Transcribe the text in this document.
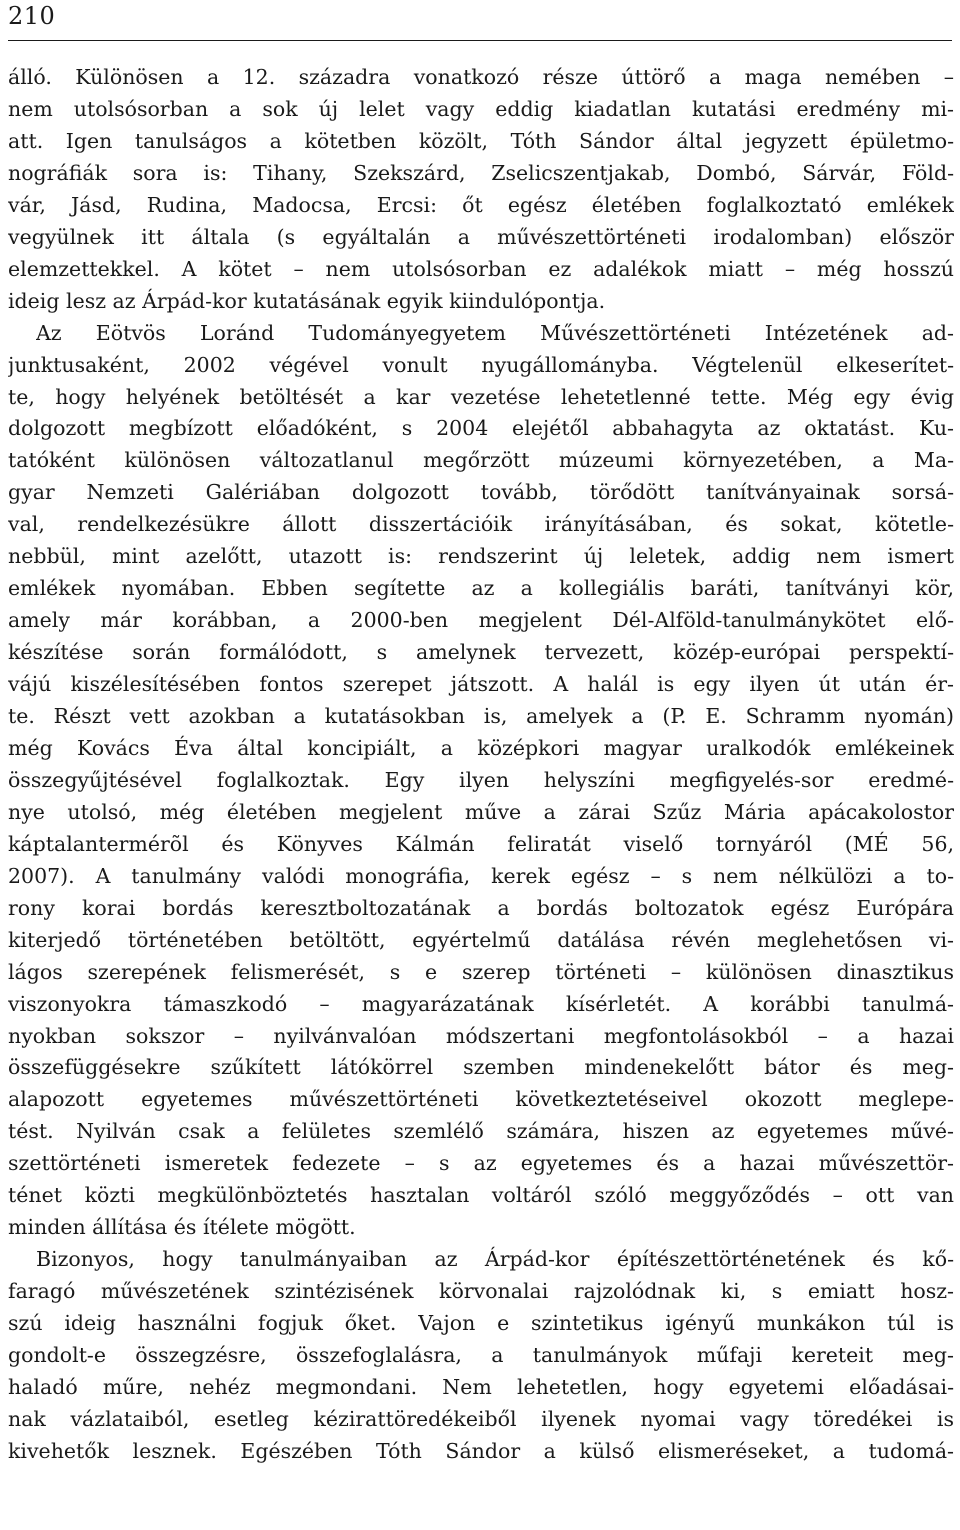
210
álló. Különösen a 12. századra vonatkozó része úttörő a maga nemében –
nem utolsósorban a sok új lelet vagy eddig kiadatlan kutatási eredmény mi-
att. Igen tanulságos a kötetben közölt, Tóth Sándor által jegyzett épületmo-
nográfiák sora is: Tihany, Szekszárd, Zselicszentjakab, Dombó, Sárvár, Föld-
vár, Jásd, Rudina, Madocsa, Ercsi: őt egész életében foglalkoztató emlékek
vegyülnek itt általa (s egyáltalán a művészettörténeti irodalomban) először
elemzettekkel. A kötet – nem utolsósorban ez adalékok miatt – még hosszú
ideig lesz az Árpád-kor kutatásának egyik kiindulópontja.
Az Eötvös Loránd Tudományegyetem Művészettörténeti Intézetének ad-
junktusaként, 2002 végével vonult nyugállományba. Végtelenül elkeserítet-
te, hogy helyének betöltését a kar vezetése lehetetlenné tette. Még egy évig
dolgozott megbízott előadóként, s 2004 elejétől abbahagyta az oktatást. Ku-
tatóként különösen változatlanul megőrzött múzeumi környezetében, a Ma-
gyar Nemzeti Galériában dolgozott tovább, törődött tanítványainak sorsá-
val, rendelkezésükre állott disszertációik irányításában, és sokat, kötetle-
nebbül, mint azelőtt, utazott is: rendszerint új leletek, addig nem ismert
emlékek nyomában. Ebben segítette az a kollegiális baráti, tanítványi kör,
amely már korábban, a 2000-ben megjelent Dél-Alföld-tanulmánykötet elő-
készítése során formálódott, s amelynek tervezett, közép-európai perspektí-
vájú kiszélesítésében fontos szerepet játszott. A halál is egy ilyen út után ér-
te. Részt vett azokban a kutatásokban is, amelyek a (P. E. Schramm nyomán)
még Kovács Éva által koncipiált, a középkori magyar uralkodók emlékeinek
összegyűjtésével foglalkoztak. Egy ilyen helyszíni megfigyelés-sor eredmé-
nye utolsó, még életében megjelent műve a zárai Szűz Mária apácakolostor
káptalantermérõl és Könyves Kálmán feliratát viselő tornyáról (MÉ 56,
2007). A tanulmány valódi monográfia, kerek egész – s nem nélkülözi a to-
rony korai bordás keresztboltozatának a bordás boltozatok egész Európára
kiterjedő történetében betöltött, egyértelmű datálása révén meglehetősen vi-
lágos szerepének felismerését, s e szerep történeti – különösen dinasztikus
viszonyokra támaszkodó – magyarázatának kísérletét. A korábbi tanulmá-
nyokban sokszor – nyilvánvalóan módszertani megfontolásokból – a hazai
összefüggésekre szűkített látókörrel szemben mindenekelőtt bátor és meg-
alapozott egyetemes művészettörténeti következtetéseivel okozott meglepe-
tést. Nyilván csak a felületes szemlélő számára, hiszen az egyetemes művé-
szettörténeti ismeretek fedezete – s az egyetemes és a hazai művészettör-
ténet közti megkülönböztetés hasztalan voltáról szóló meggyőződés – ott van
minden állítása és ítélete mögött.
Bizonyos, hogy tanulmányaiban az Árpád-kor építészettörténetének és kő-
faragó művészetének szintézisének körvonalai rajzolódnak ki, s emiatt hosz-
szú ideig használni fogjuk őket. Vajon e szintetikus igényű munkákon túl is
gondolt-e összegzésre, összefoglalásra, a tanulmányok műfaji kereteit meg-
haladó műre, nehéz megmondani. Nem lehetetlen, hogy egyetemi előadásai-
nak vázlataiból, esetleg kézirattöredékeiből ilyenek nyomai vagy töredékei is
kivehetők lesznek. Egészében Tóth Sándor a külső elismeréseket, a tudomá-
